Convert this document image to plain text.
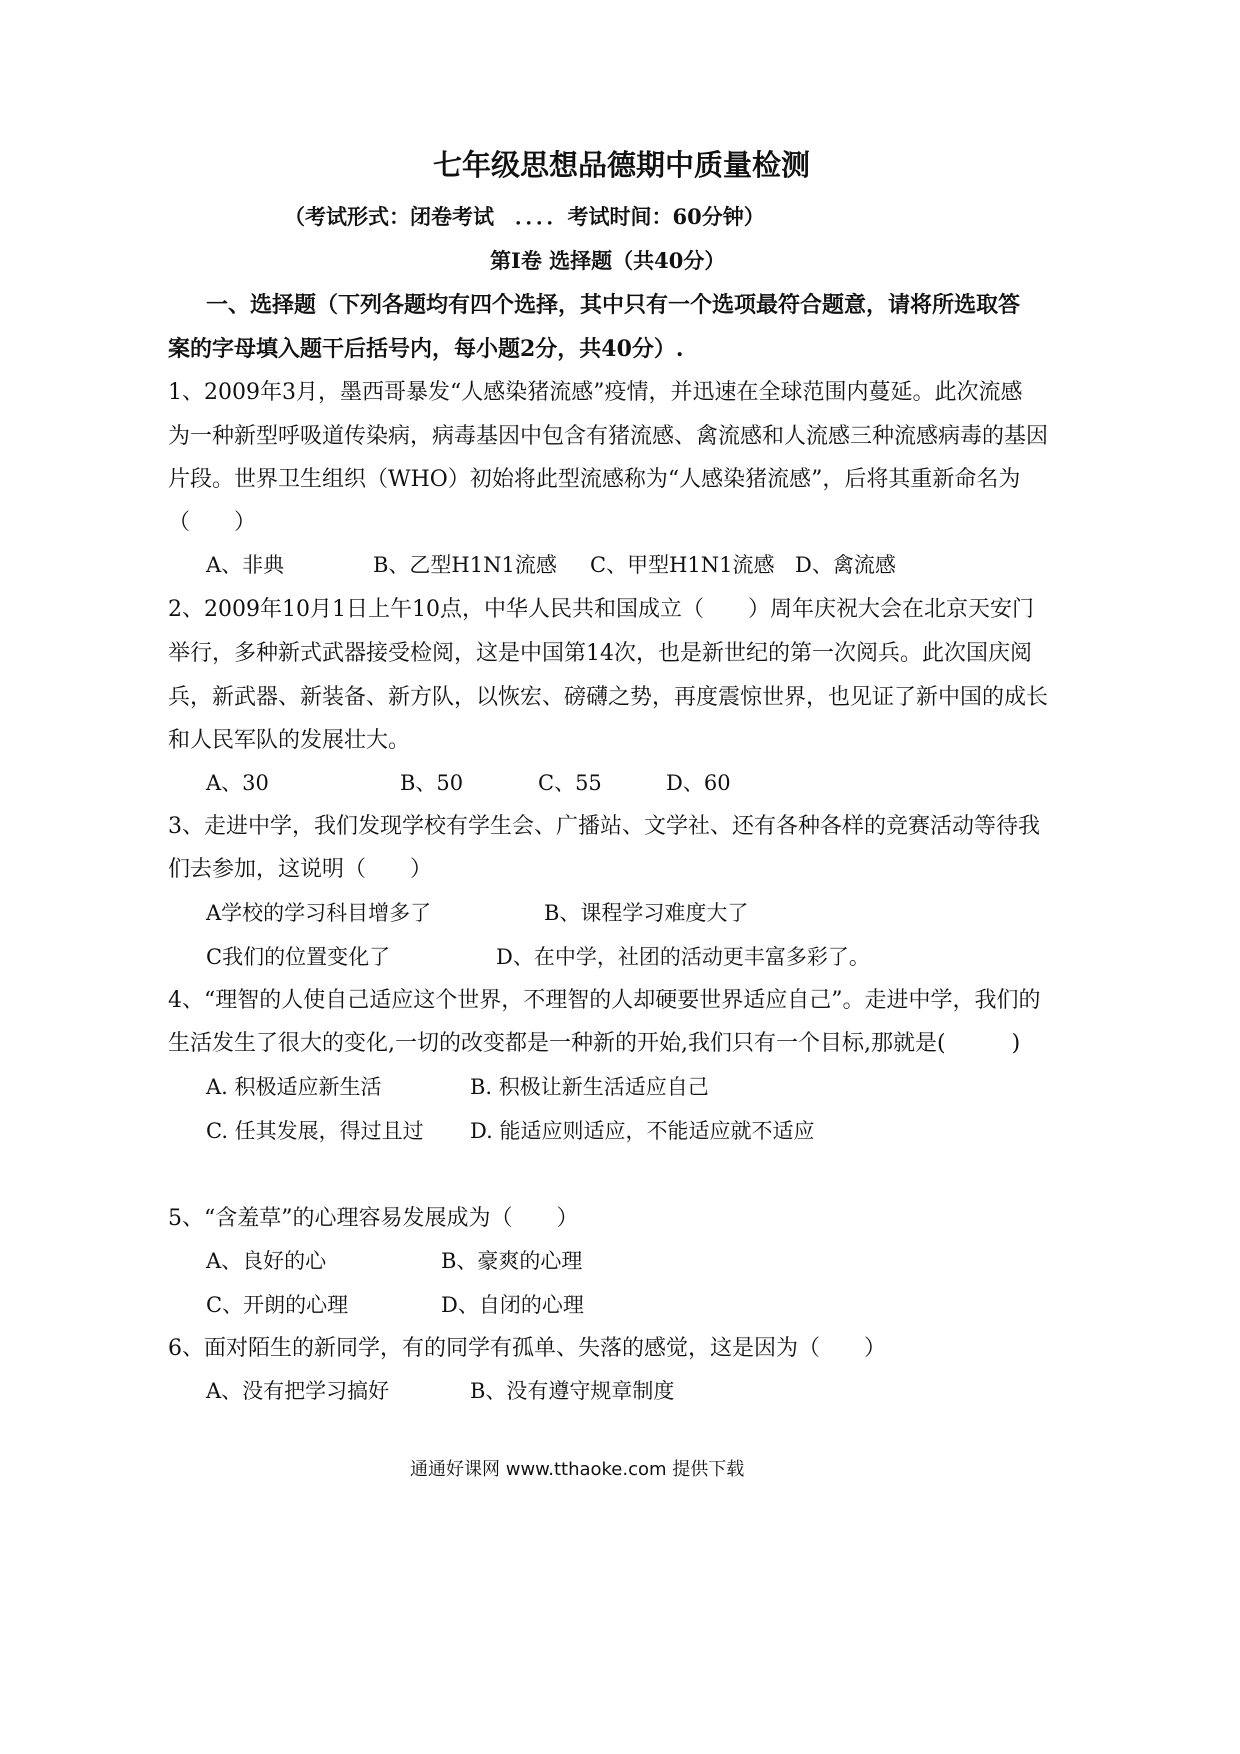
七年级思想品德期中质量检测
（考试形式：闭卷考试　．．．．考试时间：60分钟）
第Ⅰ卷 选择题（共40分）
一、选择题（下列各题均有四个选择，其中只有一个选项最符合题意，请将所选取答
案的字母填入题干后括号内，每小题2分，共40分）.
1、2009年3月，墨西哥暴发“人感染猪流感”疫情，并迅速在全球范围内蔓延。此次流感
为一种新型呼吸道传染病，病毒基因中包含有猪流感、禽流感和人流感三种流感病毒的基因
片段。世界卫生组织（WHO）初始将此型流感称为“人感染猪流感”，后将其重新命名为
（　　）
A、非典	B、乙型H1N1流感 C、甲型H1N1流感 D、禽流感
2、2009年10月1日上午10点，中华人民共和国成立（　　）周年庆祝大会在北京天安门
举行，多种新式武器接受检阅，这是中国第14次，也是新世纪的第一次阅兵。此次国庆阅
兵，新武器、新装备、新方队，以恢宏、磅礴之势，再度震惊世界，也见证了新中国的成长
和人民军队的发展壮大。
A、30	B、50	C、55	D、60
3、走进中学，我们发现学校有学生会、广播站、文学社、还有各种各样的竞赛活动等待我
们去参加，这说明（　　）
A学校的学习科目增多了	B、课程学习难度大了
C我们的位置变化了	D、在中学，社团的活动更丰富多彩了。
4、“理智的人使自己适应这个世界，不理智的人却硬要世界适应自己”。走进中学，我们的
生活发生了很大的变化,一切的改变都是一种新的开始,我们只有一个目标,那就是(　　　)
A. 积极适应新生活	B. 积极让新生活适应自己
C. 任其发展，得过且过 D. 能适应则适应，不能适应就不适应
5、“含羞草”的心理容易发展成为（　　）
A、良好的心	B、豪爽的心理
C、开朗的心理	D、自闭的心理
6、面对陌生的新同学，有的同学有孤单、失落的感觉，这是因为（　　）
A、没有把学习搞好	B、没有遵守规章制度
通通好课网 www.tthaoke.com 提供下载
